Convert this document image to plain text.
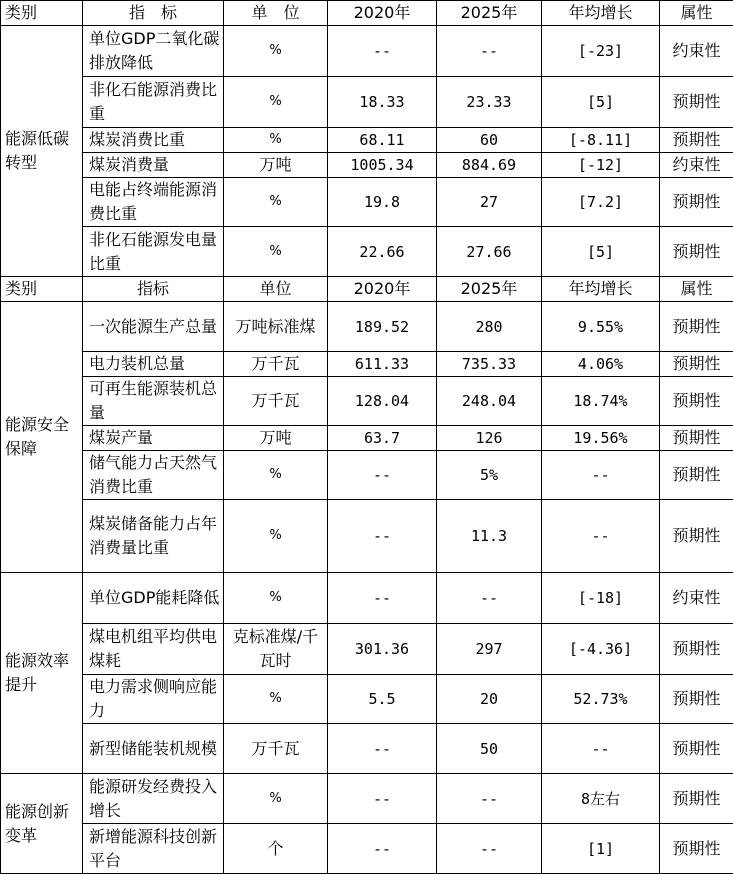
类别	指　标	单　位	2020年	2025年	年均增长	属性
能源低碳转型	单位GDP二氧化碳排放降低	%	--	--	[-23]	约束性
	非化石能源消费比重	%	18.33	23.33	[5]	预期性
	煤炭消费比重	%	68.11	60	[-8.11]	预期性
	煤炭消费量	万吨	1005.34	884.69	[-12]	约束性
	电能占终端能源消费比重	%	19.8	27	[7.2]	预期性
	非化石能源发电量比重	%	22.66	27.66	[5]	预期性
类别	指标	单位	2020年	2025年	年均增长	属性
能源安全保障	一次能源生产总量	万吨标准煤	189.52	280	9.55%	预期性
	电力装机总量	万千瓦	611.33	735.33	4.06%	预期性
	可再生能源装机总量	万千瓦	128.04	248.04	18.74%	预期性
	煤炭产量	万吨	63.7	126	19.56%	预期性
	储气能力占天然气消费比重	%	--	5%	--	预期性
	煤炭储备能力占年消费量比重	%	--	11.3	--	预期性
能源效率提升	单位GDP能耗降低	%	--	--	[-18]	约束性
	煤电机组平均供电煤耗	克标准煤/千瓦时	301.36	297	[-4.36]	预期性
	电力需求侧响应能力	%	5.5	20	52.73%	预期性
	新型储能装机规模	万千瓦	--	50	--	预期性
能源创新变革	能源研发经费投入增长	%	--	--	8左右	预期性
	新增能源科技创新平台	个	--	--	[1]	预期性
